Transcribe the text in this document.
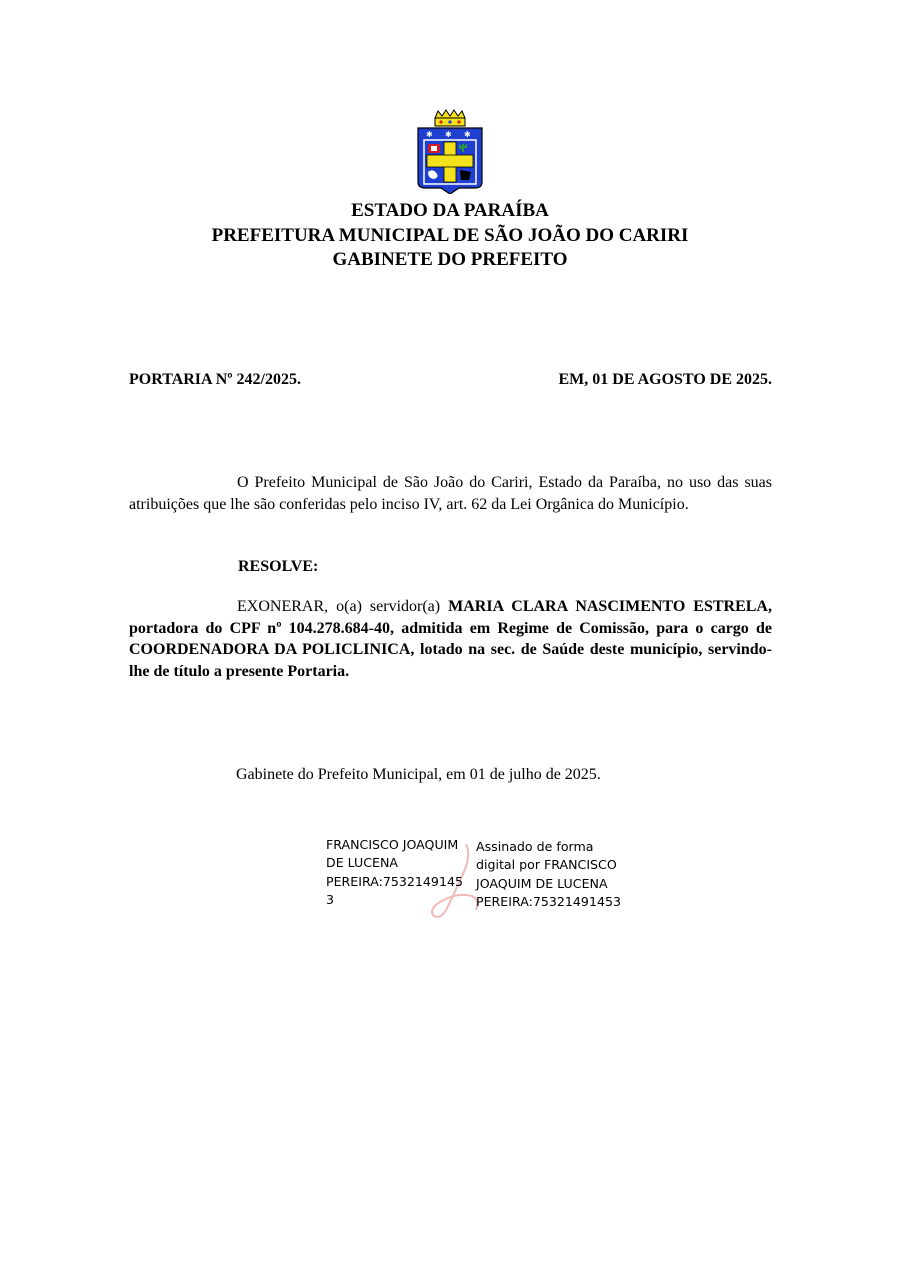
✱ ✱ ✱
ESTADO DA PARAÍBA
PREFEITURA MUNICIPAL DE SÃO JOÃO DO CARIRI
GABINETE DO PREFEITO
PORTARIA Nº 242/2025.	EM, 01 DE AGOSTO DE 2025.
O Prefeito Municipal de São João do Cariri, Estado da Paraíba, no uso das suas atribuições que lhe são conferidas pelo inciso IV, art. 62 da Lei Orgânica do Município.
RESOLVE:
EXONERAR, o(a) servidor(a) MARIA CLARA NASCIMENTO ESTRELA, portadora do CPF nº 104.278.684-40, admitida em Regime de Comissão, para o cargo de COORDENADORA DA POLICLINICA, lotado na sec. de Saúde deste município, servindo-lhe de título a presente Portaria.
Gabinete do Prefeito Municipal, em 01 de julho de 2025.
FRANCISCO JOAQUIM
DE LUCENA
PEREIRA:7532149145
3
Assinado de forma
digital por FRANCISCO
JOAQUIM DE LUCENA
PEREIRA:75321491453
